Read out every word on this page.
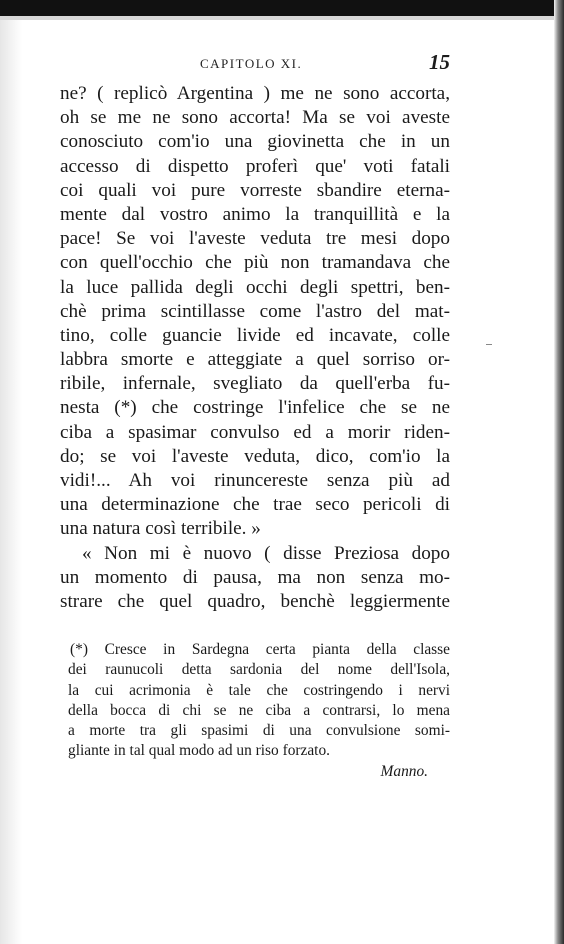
CAPITOLO XI.	15
ne? ( replicò Argentina ) me ne sono accorta,
oh se me ne sono accorta! Ma se voi aveste
conosciuto com'io una giovinetta che in un
accesso di dispetto proferì que' voti fatali
coi quali voi pure vorreste sbandire eterna-
mente dal vostro animo la tranquillità e la
pace! Se voi l'aveste veduta tre mesi dopo
con quell'occhio che più non tramandava che
la luce pallida degli occhi degli spettri, ben-
chè prima scintillasse come l'astro del mat-
tino, colle guancie livide ed incavate, colle
labbra smorte e atteggiate a quel sorriso or-
ribile, infernale, svegliato da quell'erba fu-
nesta (*) che costringe l'infelice che se ne
ciba a spasimar convulso ed a morir riden-
do; se voi l'aveste veduta, dico, com'io la
vidi!... Ah voi rinuncereste senza più ad
una determinazione che trae seco pericoli di
una natura così terribile. »
« Non mi è nuovo ( disse Preziosa dopo
un momento di pausa, ma non senza mo-
strare che quel quadro, benchè leggiermente
(*) Cresce in Sardegna certa pianta della classe
dei raunucoli detta sardonia del nome dell'Isola,
la cui acrimonia è tale che costringendo i nervi
della bocca di chi se ne ciba a contrarsi, lo mena
a morte tra gli spasimi di una convulsione somi-
gliante in tal qual modo ad un riso forzato.
Manno.
